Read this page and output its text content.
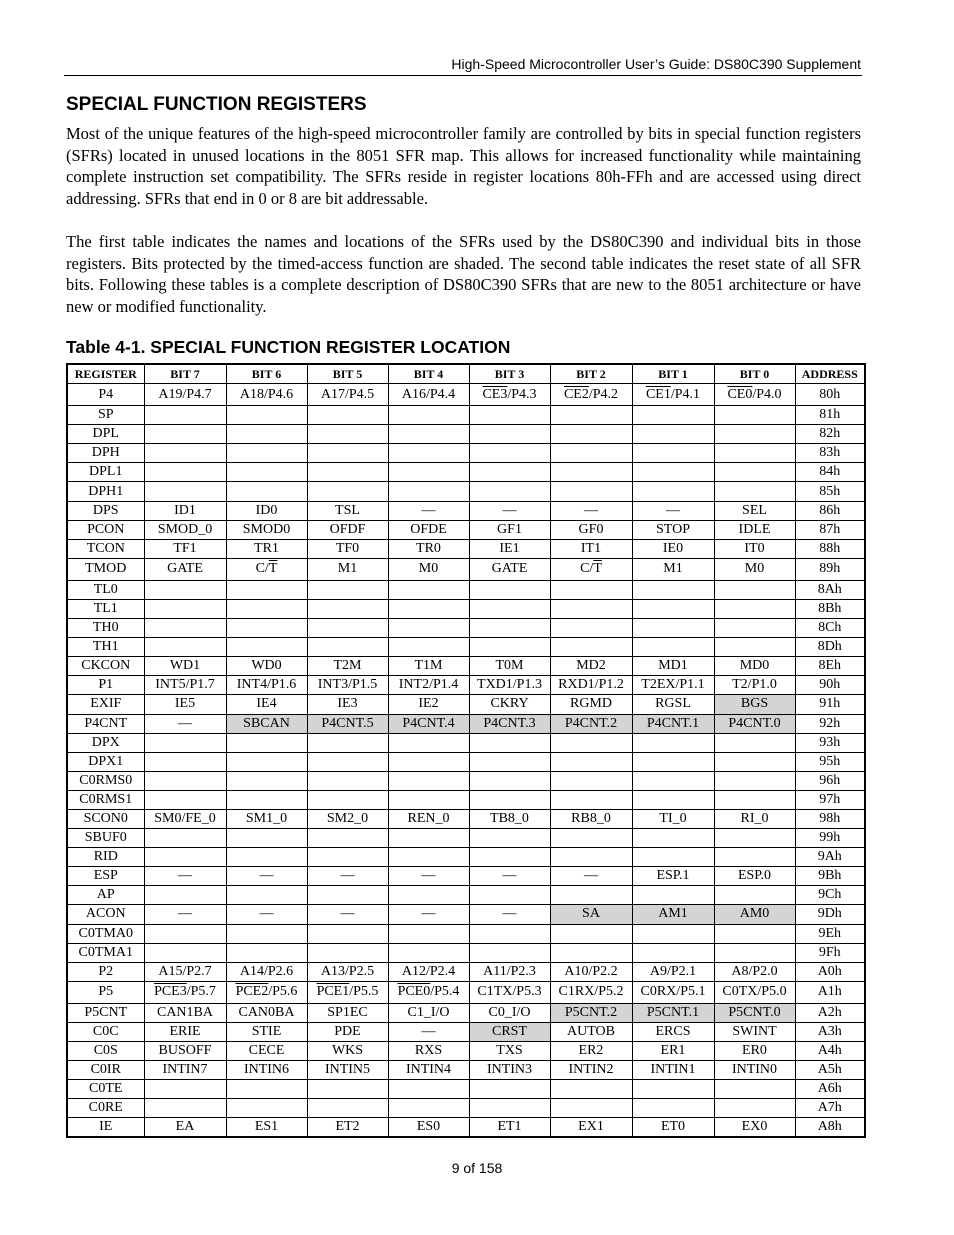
High-Speed Microcontroller User’s Guide: DS80C390 Supplement
SPECIAL FUNCTION REGISTERS

Most of the unique features of the high-speed microcontroller family are controlled by bits in special function registers (SFRs) located in unused locations in the 8051 SFR map. This allows for increased functionality while maintaining complete instruction set compatibility. The SFRs reside in register locations 80h-FFh and are accessed using direct addressing. SFRs that end in 0 or 8 are bit addressable.

The first table indicates the names and locations of the SFRs used by the DS80C390 and individual bits in those registers. Bits protected by the timed-access function are shaded. The second table indicates the reset state of all SFR bits. Following these tables is a complete description of DS80C390 SFRs that are new to the 8051 architecture or have new or modified functionality.

Table 4-1. SPECIAL FUNCTION REGISTER LOCATION
REGISTER	BIT 7	BIT 6	BIT 5	BIT 4	BIT 3	BIT 2	BIT 1	BIT 0	ADDRESS
P4	A19/P4.7	A18/P4.6	A17/P4.5	A16/P4.4	CE3/P4.3	CE2/P4.2	CE1/P4.1	CE0/P4.0	80h
SP									81h
DPL									82h
DPH									83h
DPL1									84h
DPH1									85h
DPS	ID1	ID0	TSL	—	—	—	—	SEL	86h
PCON	SMOD_0	SMOD0	OFDF	OFDE	GF1	GF0	STOP	IDLE	87h
TCON	TF1	TR1	TF0	TR0	IE1	IT1	IE0	IT0	88h
TMOD	GATE	$C/\overline{T}$	M1	M0	GATE	$C/\overline{T}$	M1	M0	89h
TL0									8Ah
TL1									8Bh
TH0									8Ch
TH1									8Dh
CKCON	WD1	WD0	T2M	T1M	T0M	MD2	MD1	MD0	8Eh
P1	INT5/P1.7	INT4/P1.6	INT3/P1.5	INT2/P1.4	TXD1/P1.3	RXD1/P1.2	T2EX/P1.1	T2/P1.0	90h
EXIF	IE5	IE4	IE3	IE2	CKRY	RGMD	RGSL	BGS	91h
P4CNT	—	SBCAN	P4CNT.5	P4CNT.4	P4CNT.3	P4CNT.2	P4CNT.1	P4CNT.0	92h
DPX									93h
DPX1									95h
C0RMS0									96h
C0RMS1									97h
SCON0	SM0/FE_0	SM1_0	SM2_0	REN_0	TB8_0	RB8_0	TI_0	RI_0	98h
SBUF0									99h
RID									9Ah
ESP	—	—	—	—	—	—	ESP.1	ESP.0	9Bh
AP									9Ch
ACON	—	—	—	—	—	SA	AM1	AM0	9Dh
C0TMA0									9Eh
C0TMA1									9Fh
P2	A15/P2.7	A14/P2.6	A13/P2.5	A12/P2.4	A11/P2.3	A10/P2.2	A9/P2.1	A8/P2.0	A0h
P5	PCE3/P5.7	PCE2/P5.6	PCE1/P5.5	PCE0/P5.4	C1TX/P5.3	C1RX/P5.2	C0RX/P5.1	C0TX/P5.0	A1h
P5CNT	CAN1BA	CAN0BA	SP1EC	C1_I/O	C0_I/O	P5CNT.2	P5CNT.1	P5CNT.0	A2h
C0C	ERIE	STIE	PDE	—	CRST	AUTOB	ERCS	SWINT	A3h
C0S	BUSOFF	CECE	WKS	RXS	TXS	ER2	ER1	ER0	A4h
C0IR	INTIN7	INTIN6	INTIN5	INTIN4	INTIN3	INTIN2	INTIN1	INTIN0	A5h
C0TE									A6h
C0RE									A7h
IE	EA	ES1	ET2	ES0	ET1	EX1	ET0	EX0	A8h
9 of 158
